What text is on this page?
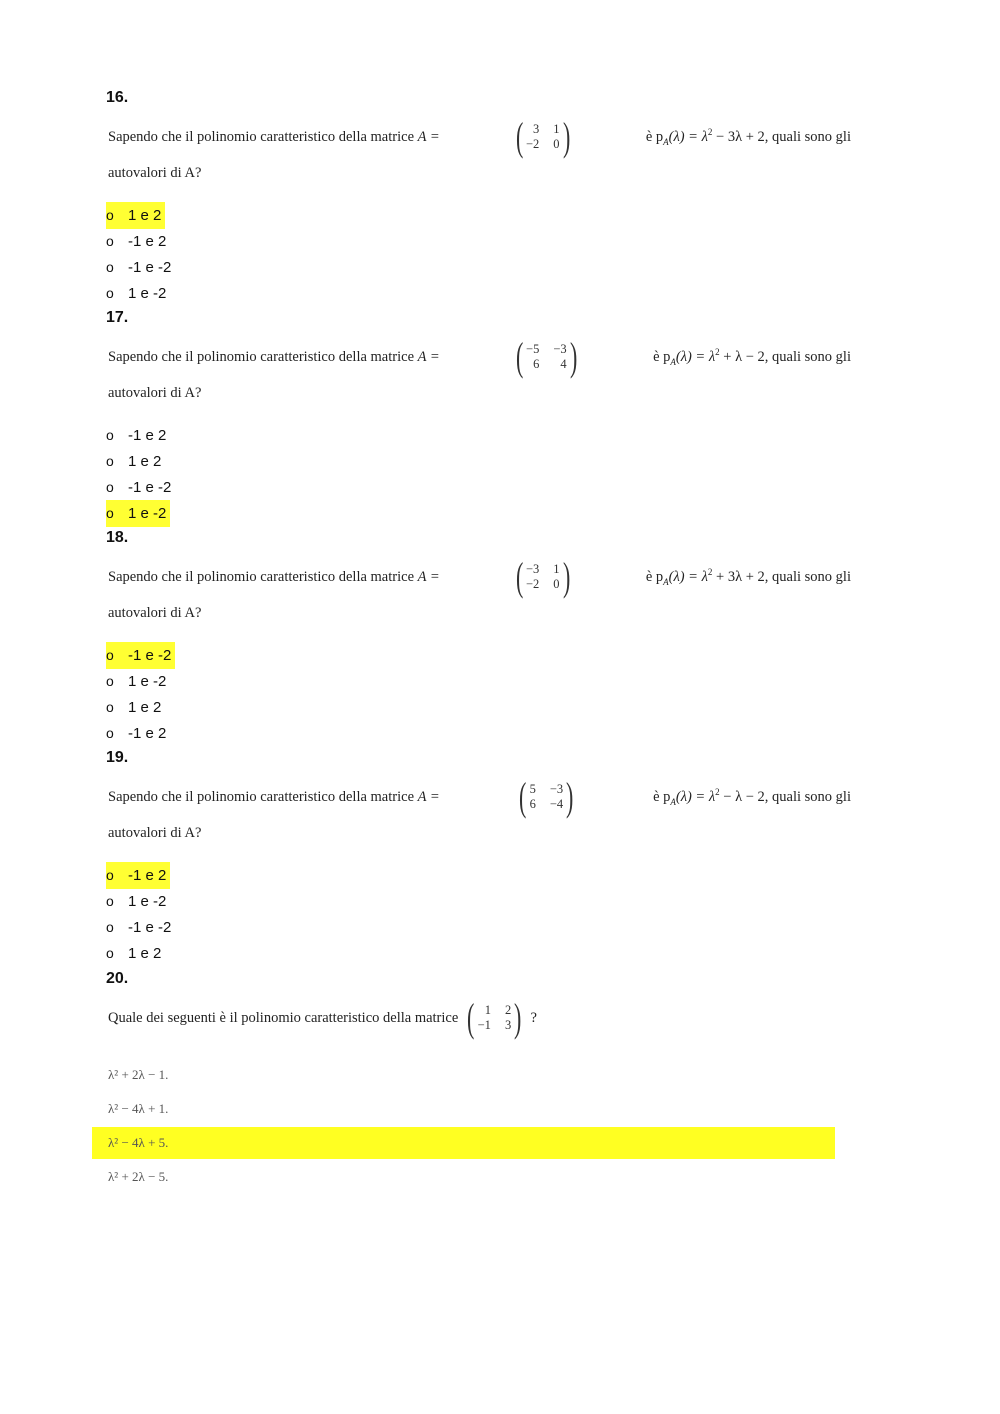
16.
Sapendo che il polinomio caratteristico della matrice A = ( 3 1
−2 0 )	è $p_A(\lambda) = \lambda^2 - 3\lambda + 2$, quali sono gli
autovalori di A?
o 1 e 2
o -1 e 2
o -1 e -2
o 1 e -2
17.
Sapendo che il polinomio caratteristico della matrice A = ( −5 −3
6	4 )	è $p_A(\lambda) = \lambda^2 + \lambda - 2$, quali sono gli
autovalori di A?
o -1 e 2
o 1 e 2
o -1 e -2
o 1 e -2
18.
Sapendo che il polinomio caratteristico della matrice A = ( −3 1
−2 0 )	è $p_A(\lambda) = \lambda^2 + 3\lambda + 2$, quali sono gli
autovalori di A?
o -1 e -2
o 1 e -2
o 1 e 2
o -1 e 2
19.
Sapendo che il polinomio caratteristico della matrice A = ( 5 −3
6 −4 )	è $p_A(\lambda) = \lambda^2 - \lambda - 2$, quali sono gli
autovalori di A?
o -1 e 2
o 1 e -2
o -1 e -2
o 1 e 2
20.
Quale dei seguenti è il polinomio caratteristico della matrice ( 1 2
−1 3 ) ?
λ² + 2λ − 1.
λ² − 4λ + 1.
λ² − 4λ + 5.
λ² + 2λ − 5.
